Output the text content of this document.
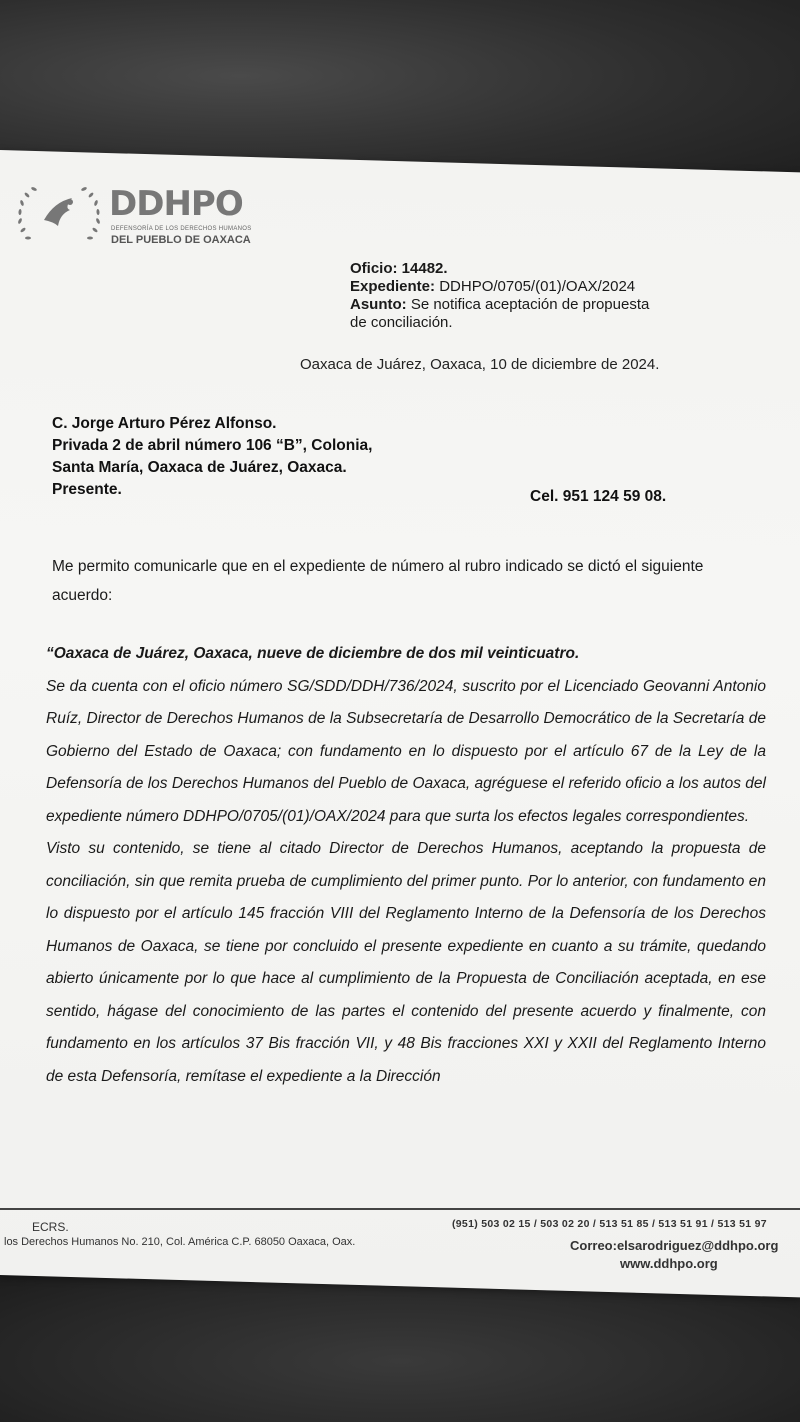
DDHPO
DEFENSORÍA DE LOS DERECHOS HUMANOS
DEL PUEBLO DE OAXACA
Oficio: 14482.
Expediente: DDHPO/0705/(01)/OAX/2024
Asunto: Se notifica aceptación de propuesta
de conciliación.
Oaxaca de Juárez, Oaxaca, 10 de diciembre de 2024.
C. Jorge Arturo Pérez Alfonso.
Privada 2 de abril número 106 “B”, Colonia,
Santa María, Oaxaca de Juárez, Oaxaca.
Presente.	Cel. 951 124 59 08.
Me permito comunicarle que en el expediente de número al rubro indicado se dictó el siguiente acuerdo:

“Oaxaca de Juárez, Oaxaca, nueve de diciembre de dos mil veinticuatro.

Se da cuenta con el oficio número SG/SDD/DDH/736/2024, suscrito por el Licenciado Geovanni Antonio Ruíz, Director de Derechos Humanos de la Subsecretaría de Desarrollo Democrático de la Secretaría de Gobierno del Estado de Oaxaca; con fundamento en lo dispuesto por el artículo 67 de la Ley de la Defensoría de los Derechos Humanos del Pueblo de Oaxaca, agréguese el referido oficio a los autos del expediente número DDHPO/0705/(01)/OAX/2024 para que surta los efectos legales correspondientes.

Visto su contenido, se tiene al citado Director de Derechos Humanos, aceptando la propuesta de conciliación, sin que remita prueba de cumplimiento del primer punto. Por lo anterior, con fundamento en lo dispuesto por el artículo 145 fracción VIII del Reglamento Interno de la Defensoría de los Derechos Humanos de Oaxaca, se tiene por concluido el presente expediente en cuanto a su trámite, quedando abierto únicamente por lo que hace al cumplimiento de la Propuesta de Conciliación aceptada, en ese sentido, hágase del conocimiento de las partes el contenido del presente acuerdo y finalmente, con fundamento en los artículos 37 Bis fracción VII, y 48 Bis fracciones XXI y XXII del Reglamento Interno de esta Defensoría, remítase el expediente a la Dirección

ECRS.
los Derechos Humanos No. 210, Col. América C.P. 68050 Oaxaca, Oax.
(951) 503 02 15 / 503 02 20 / 513 51 85 / 513 51 91 / 513 51 97
Correo:elsarodriguez@ddhpo.org
www.ddhpo.org
